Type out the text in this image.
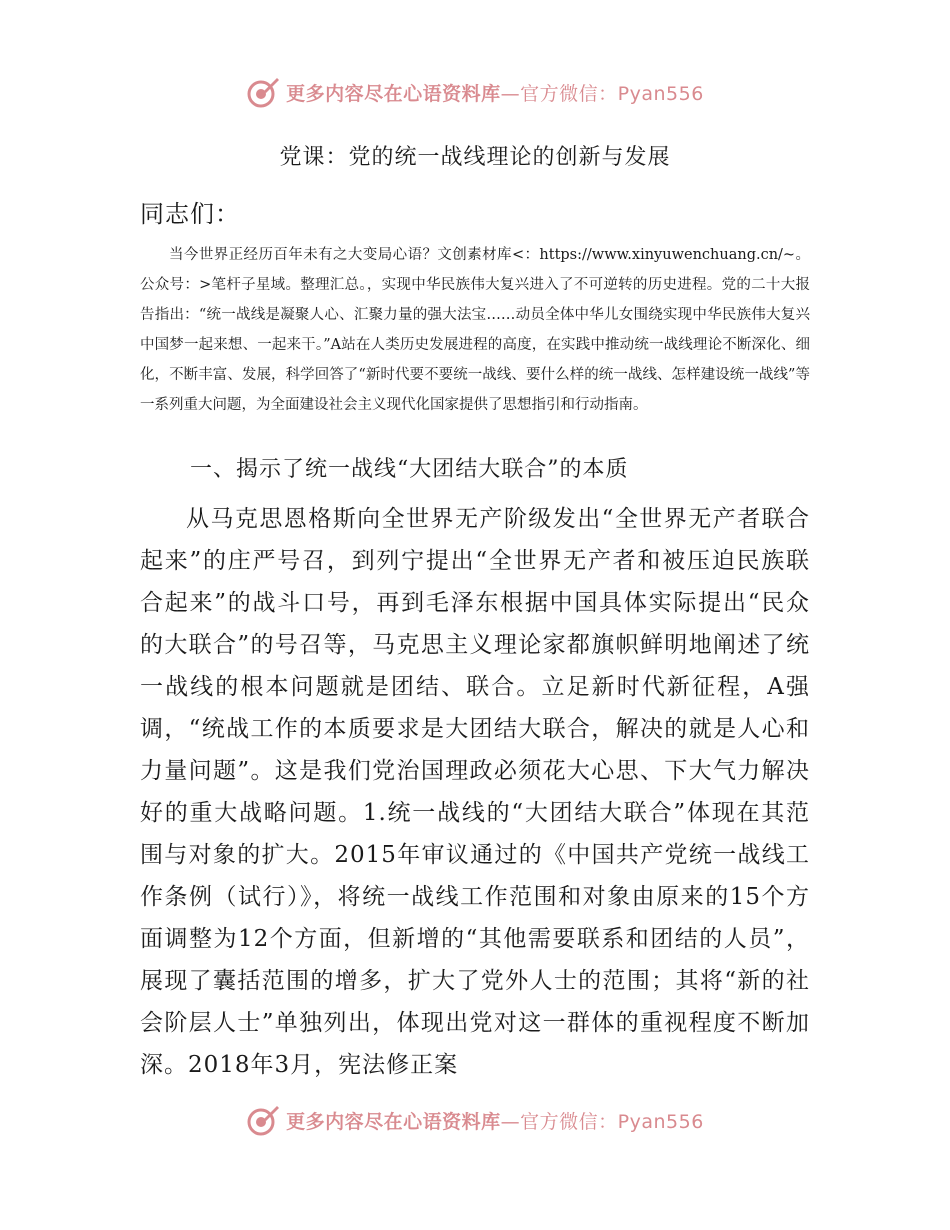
更多内容尽在心语资料库—官方微信：Pyan556
党课：党的统一战线理论的创新与发展
同志们：
当今世界正经历百年未有之大变局心语？文创素材库<：https://www.xinyuwenchuang.cn/~。公众号：>笔杆子星域。整理汇总。，实现中华民族伟大复兴进入了不可逆转的历史进程。党的二十大报告指出：“统一战线是凝聚人心、汇聚力量的强大法宝……动员全体中华儿女围绕实现中华民族伟大复兴中国梦一起来想、一起来干。”A站在人类历史发展进程的高度，在实践中推动统一战线理论不断深化、细化，不断丰富、发展，科学回答了“新时代要不要统一战线、要什么样的统一战线、怎样建设统一战线”等一系列重大问题，为全面建设社会主义现代化国家提供了思想指引和行动指南。
一、揭示了统一战线“大团结大联合”的本质
从马克思恩格斯向全世界无产阶级发出“全世界无产者联合起来”的庄严号召，到列宁提出“全世界无产者和被压迫民族联合起来”的战斗口号，再到毛泽东根据中国具体实际提出“民众的大联合”的号召等，马克思主义理论家都旗帜鲜明地阐述了统一战线的根本问题就是团结、联合。立足新时代新征程，A强调，“统战工作的本质要求是大团结大联合，解决的就是人心和力量问题”。这是我们党治国理政必须花大心思、下大气力解决好的重大战略问题。1.统一战线的“大团结大联合”体现在其范围与对象的扩大。2015年审议通过的《中国共产党统一战线工作条例（试行）》，将统一战线工作范围和对象由原来的15个方面调整为12个方面，但新增的“其他需要联系和团结的人员”，展现了囊括范围的增多，扩大了党外人士的范围；其将“新的社会阶层人士”单独列出，体现出党对这一群体的重视程度不断加深。2018年3月，宪法修正案
更多内容尽在心语资料库—官方微信：Pyan556
